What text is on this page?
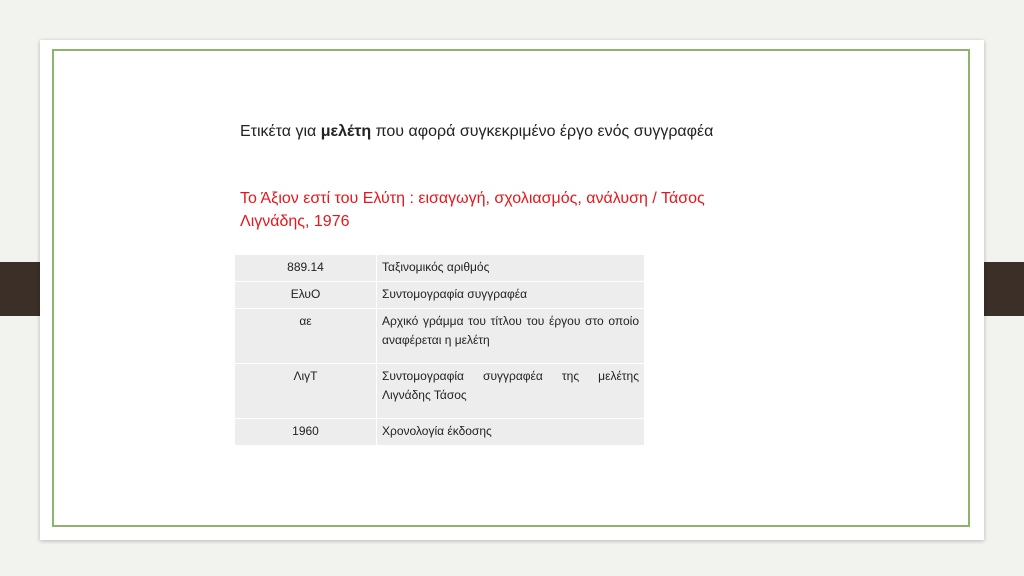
Ετικέτα για μελέτη που αφορά συγκεκριμένο έργο ενός συγγραφέα
Το Άξιον εστί του Ελύτη : εισαγωγή, σχολιασμός, ανάλυση / Τάσος Λιγνάδης, 1976
889.14	Ταξινομικός αριθμός
ΕλυΟ	Συντομογραφία συγγραφέα
αε	Αρχικό γράμμα του τίτλου του έργου στο οποίο αναφέρεται η μελέτη
ΛιγΤ	Συντομογραφία συγγραφέα της μελέτης Λιγνάδης Τάσος
1960	Χρονολογία έκδοσης
